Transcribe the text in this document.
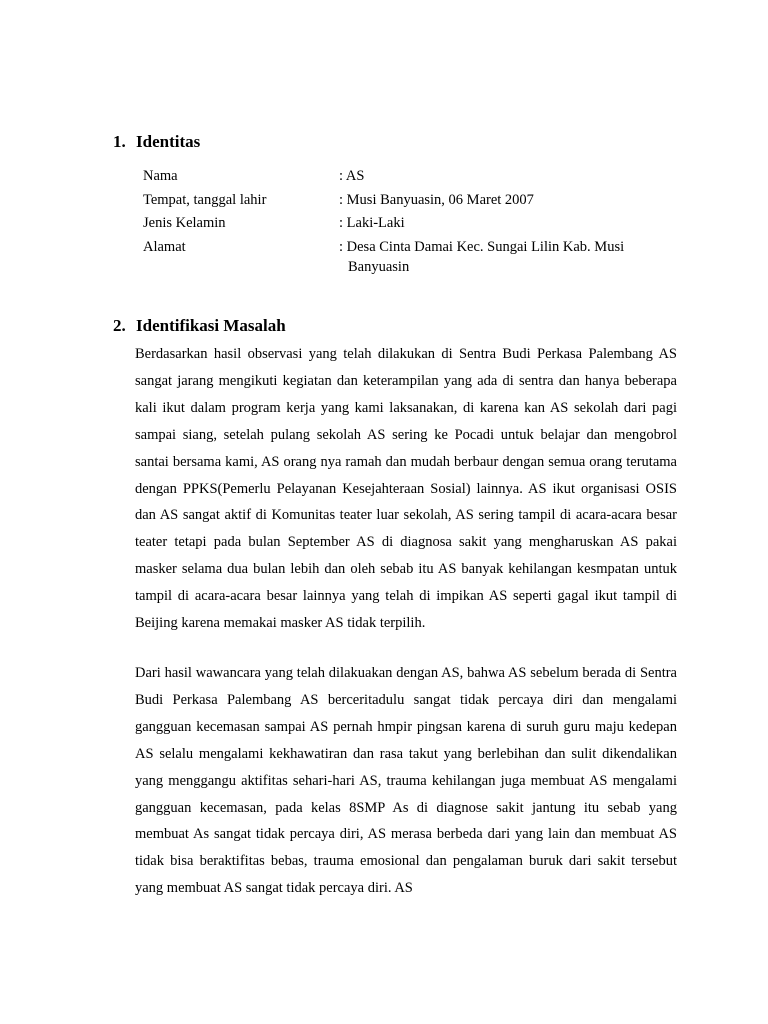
1. Identitas
Nama	: AS
Tempat, tanggal lahir	: Musi Banyuasin, 06 Maret 2007
Jenis Kelamin	: Laki-Laki
Alamat	: Desa Cinta Damai Kec. Sungai Lilin Kab. Musi
Banyuasin
2. Identifikasi Masalah

Berdasarkan hasil observasi yang telah dilakukan di Sentra Budi Perkasa Palembang AS sangat jarang mengikuti kegiatan dan keterampilan yang ada di sentra dan hanya beberapa kali ikut dalam program kerja yang kami laksanakan, di karena kan AS sekolah dari pagi sampai siang, setelah pulang sekolah AS sering ke Pocadi untuk belajar dan mengobrol santai bersama kami, AS orang nya ramah dan mudah berbaur dengan semua orang terutama dengan PPKS(Pemerlu Pelayanan Kesejahteraan Sosial) lainnya. AS ikut organisasi OSIS dan AS sangat aktif di Komunitas teater luar sekolah, AS sering tampil di acara-acara besar teater tetapi pada bulan September AS di diagnosa sakit yang mengharuskan AS pakai masker selama dua bulan lebih dan oleh sebab itu AS banyak kehilangan kesmpatan untuk tampil di acara-acara besar lainnya yang telah di impikan AS seperti gagal ikut tampil di Beijing karena memakai masker AS tidak terpilih.

Dari hasil wawancara yang telah dilakuakan dengan AS, bahwa AS sebelum berada di Sentra Budi Perkasa Palembang AS berceritadulu sangat tidak percaya diri dan mengalami gangguan kecemasan sampai AS pernah hmpir pingsan karena di suruh guru maju kedepan AS selalu mengalami kekhawatiran dan rasa takut yang berlebihan dan sulit dikendalikan yang menggangu aktifitas sehari-hari AS, trauma kehilangan juga membuat AS mengalami gangguan kecemasan, pada kelas 8SMP As di diagnose sakit jantung itu sebab yang membuat As sangat tidak percaya diri, AS merasa berbeda dari yang lain dan membuat AS tidak bisa beraktifitas bebas, trauma emosional dan pengalaman buruk dari sakit tersebut yang membuat AS sangat tidak percaya diri. AS
